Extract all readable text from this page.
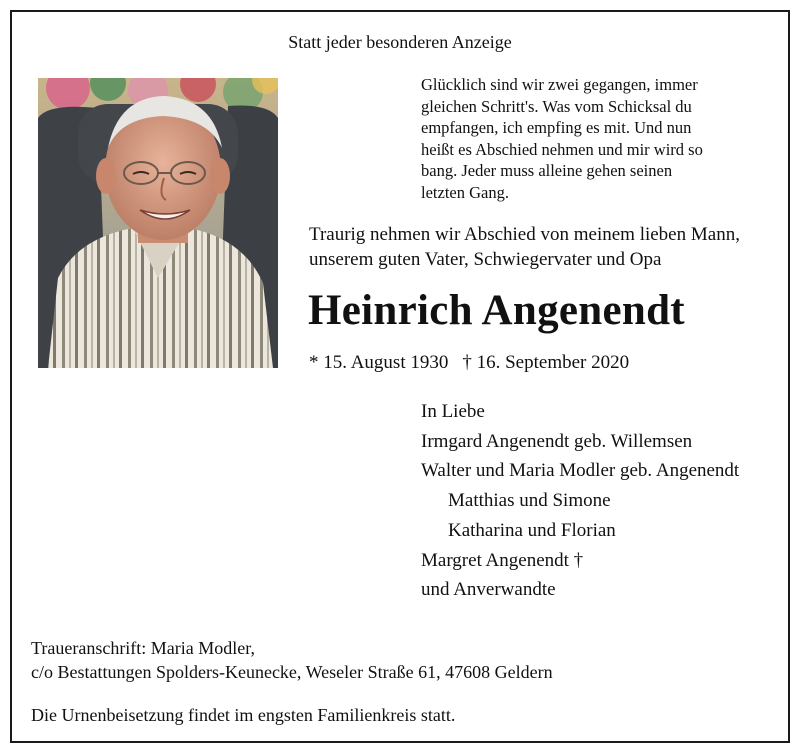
Statt jeder besonderen Anzeige
Glücklich sind wir zwei gegangen, immer
gleichen Schritt's. Was vom Schicksal du
empfangen, ich empfing es mit. Und nun
heißt es Abschied nehmen und mir wird so
bang. Jeder muss alleine gehen seinen
letzten Gang.
Traurig nehmen wir Abschied von meinem lieben Mann,
unserem guten Vater, Schwiegervater und Opa
Heinrich Angenendt
* 15. August 1930 † 16. September 2020
In Liebe
Irmgard Angenendt geb. Willemsen
Walter und Maria Modler geb. Angenendt
Matthias und Simone
Katharina und Florian
Margret Angenendt †
und Anverwandte
Traueranschrift: Maria Modler,
c/o Bestattungen Spolders-Keunecke, Weseler Straße 61, 47608 Geldern
Die Urnenbeisetzung findet im engsten Familienkreis statt.
